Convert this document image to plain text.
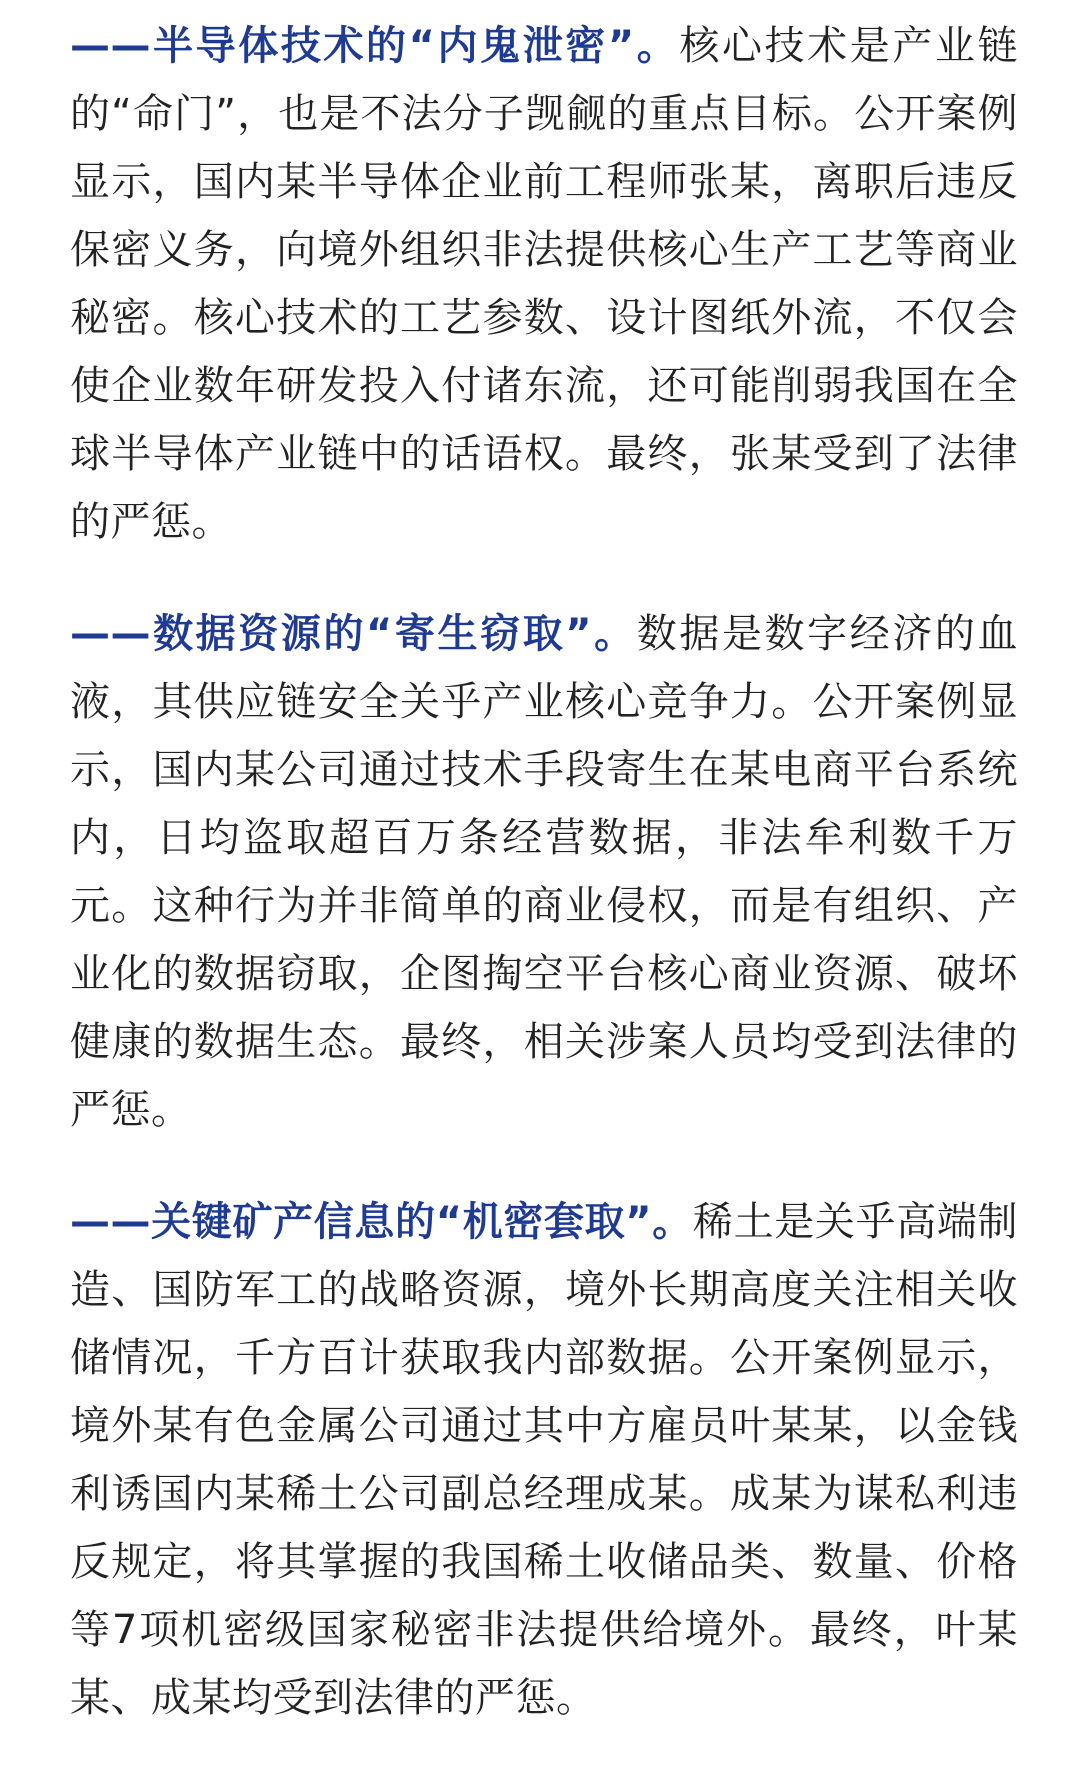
——半导体技术的“内鬼泄密”。核心技术是产业链的“命门”，也是不法分子觊觎的重点目标。公开案例显示，国内某半导体企业前工程师张某，离职后违反保密义务，向境外组织非法提供核心生产工艺等商业秘密。核心技术的工艺参数、设计图纸外流，不仅会使企业数年研发投入付诸东流，还可能削弱我国在全球半导体产业链中的话语权。最终，张某受到了法律的严惩。

——数据资源的“寄生窃取”。数据是数字经济的血液，其供应链安全关乎产业核心竞争力。公开案例显示，国内某公司通过技术手段寄生在某电商平台系统内，日均盗取超百万条经营数据，非法牟利数千万元。这种行为并非简单的商业侵权，而是有组织、产业化的数据窃取，企图掏空平台核心商业资源、破坏健康的数据生态。最终，相关涉案人员均受到法律的严惩。

——关键矿产信息的“机密套取”。稀土是关乎高端制造、国防军工的战略资源，境外长期高度关注相关收储情况，千方百计获取我内部数据。公开案例显示，境外某有色金属公司通过其中方雇员叶某某，以金钱利诱国内某稀土公司副总经理成某。成某为谋私利违反规定，将其掌握的我国稀土收储品类、数量、价格等7项机密级国家秘密非法提供给境外。最终，叶某某、成某均受到法律的严惩。
